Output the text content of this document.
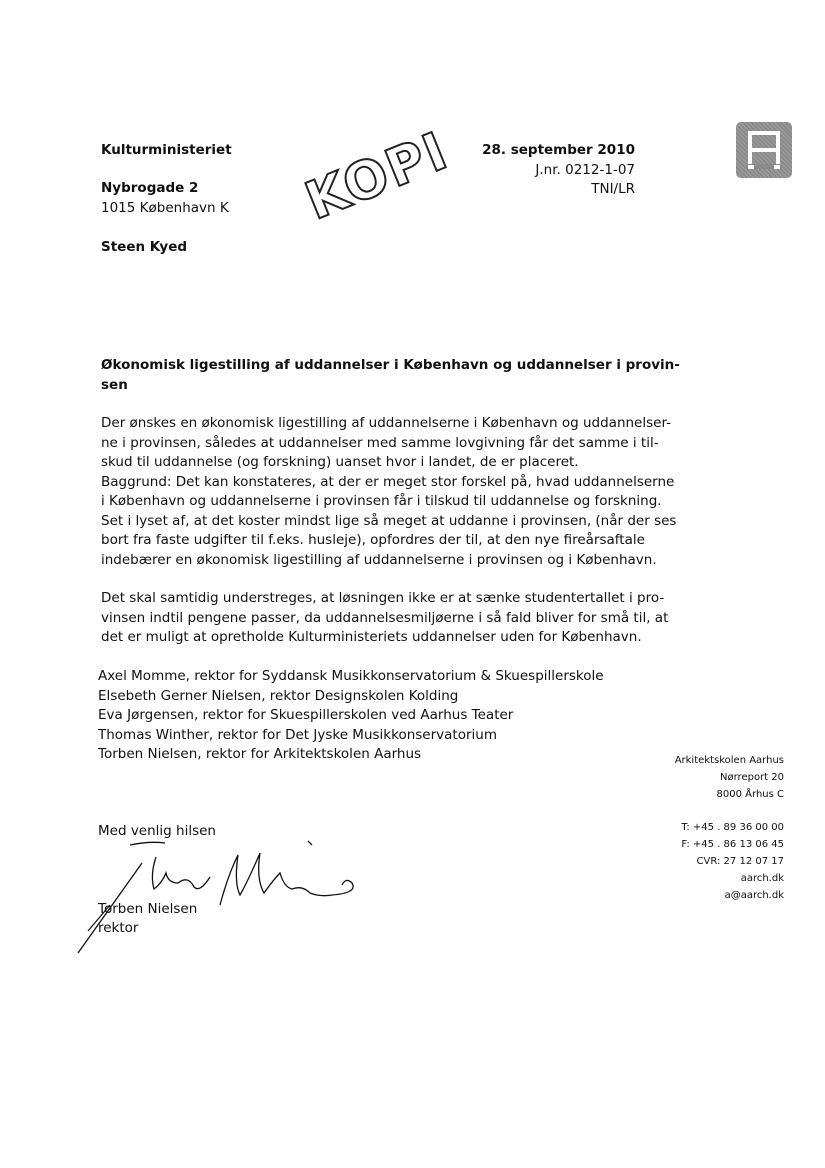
Kulturministeriet
Nybrogade 2
1015 København K
Steen Kyed
28. september 2010
J.nr. 0212-1-07
TNI/LR
KOPI
Økonomisk ligestilling af uddannelser i København og uddannelser i provin-
sen
Der ønskes en økonomisk ligestilling af uddannelserne i København og uddannelser-
ne i provinsen, således at uddannelser med samme lovgivning får det samme i til-
skud til uddannelse (og forskning) uanset hvor i landet, de er placeret.
Baggrund: Det kan konstateres, at der er meget stor forskel på, hvad uddannelserne
i København og uddannelserne i provinsen får i tilskud til uddannelse og forskning.
Set i lyset af, at det koster mindst lige så meget at uddanne i provinsen, (når der ses
bort fra faste udgifter til f.eks. husleje), opfordres der til, at den nye fireårsaftale
indebærer en økonomisk ligestilling af uddannelserne i provinsen og i København.
Det skal samtidig understreges, at løsningen ikke er at sænke studentertallet i pro-
vinsen indtil pengene passer, da uddannelsesmiljøerne i så fald bliver for små til, at
det er muligt at opretholde Kulturministeriets uddannelser uden for København.
Axel Momme, rektor for Syddansk Musikkonservatorium & Skuespillerskole
Elsebeth Gerner Nielsen, rektor Designskolen Kolding
Eva Jørgensen, rektor for Skuespillerskolen ved Aarhus Teater
Thomas Winther, rektor for Det Jyske Musikkonservatorium
Torben Nielsen, rektor for Arkitektskolen Aarhus
Med venlig hilsen
Torben Nielsen
rektor
Arkitektskolen Aarhus
Nørreport 20
8000 Århus C
T: +45 . 89 36 00 00
F: +45 . 86 13 06 45
CVR: 27 12 07 17
aarch.dk
a@aarch.dk
